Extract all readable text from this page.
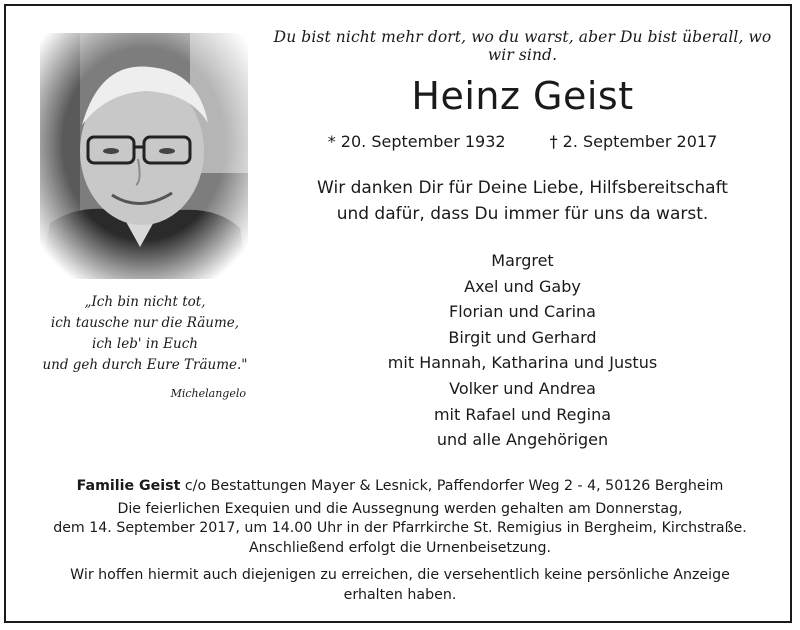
Du bist nicht mehr dort, wo du warst, aber Du bist überall, wo wir sind.
Heinz Geist
* 20. September 1932	† 2. September 2017
Wir danken Dir für Deine Liebe, Hilfsbereitschaft
und dafür, dass Du immer für uns da warst.
Margret
Axel und Gaby
Florian und Carina
Birgit und Gerhard
mit Hannah, Katharina und Justus
Volker und Andrea
mit Rafael und Regina
und alle Angehörigen
„Ich bin nicht tot,
ich tausche nur die Räume,
ich leb' in Euch
und geh durch Eure Träume."
Michelangelo
Familie Geist c/o Bestattungen Mayer & Lesnick, Paffendorfer Weg 2 - 4, 50126 Bergheim
Die feierlichen Exequien und die Aussegnung werden gehalten am Donnerstag,
dem 14. September 2017, um 14.00 Uhr in der Pfarrkirche St. Remigius in Bergheim, Kirchstraße.
Anschließend erfolgt die Urnenbeisetzung.
Wir hoffen hiermit auch diejenigen zu erreichen, die versehentlich keine persönliche Anzeige
erhalten haben.
